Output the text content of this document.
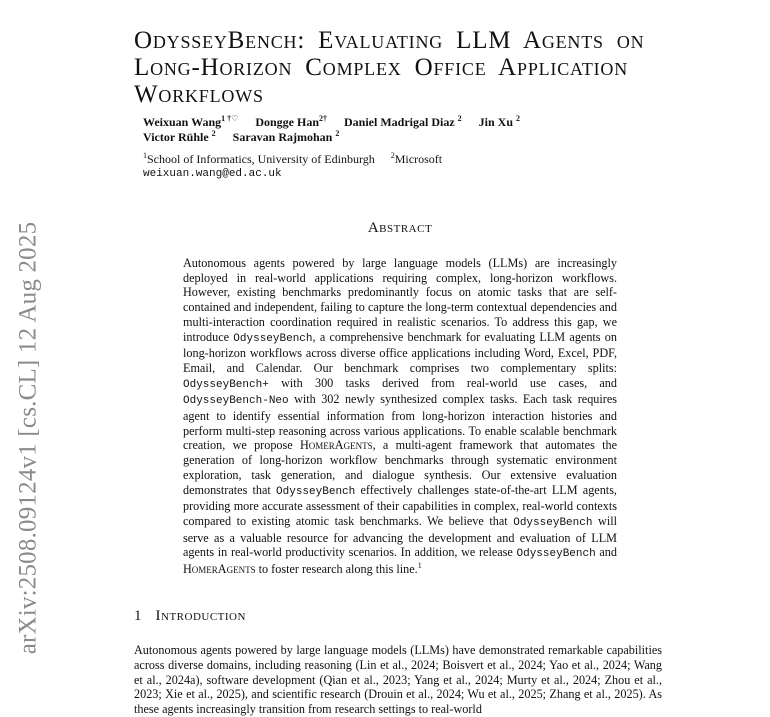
arXiv:2508.09124v1 [cs.CL] 12 Aug 2025
OdysseyBench: Evaluating LLM Agents on Long-Horizon Complex Office Application Workflows
Weixuan Wang$^{1 \dagger♡}$ Dongge Han$^{2\dagger}$ Daniel Madrigal Diaz $^2$ Jin Xu $^2$
Victor Rühle $^2$ Saravan Rajmohan $^2$
$^1$School of Informatics, University of Edinburgh $^2$Microsoft
weixuan.wang@ed.ac.uk
Abstract
Autonomous agents powered by large language models (LLMs) are increasingly deployed in real-world applications requiring complex, long-horizon workflows. However, existing benchmarks predominantly focus on atomic tasks that are self-contained and independent, failing to capture the long-term contextual dependencies and multi-interaction coordination required in realistic scenarios. To address this gap, we introduce OdysseyBench, a comprehensive benchmark for evaluating LLM agents on long-horizon workflows across diverse office applications including Word, Excel, PDF, Email, and Calendar. Our benchmark comprises two complementary splits: OdysseyBench+ with 300 tasks derived from real-world use cases, and OdysseyBench-Neo with 302 newly synthesized complex tasks. Each task requires agent to identify essential information from long-horizon interaction histories and perform multi-step reasoning across various applications. To enable scalable benchmark creation, we propose HomerAgents, a multi-agent framework that automates the generation of long-horizon workflow benchmarks through systematic environment exploration, task generation, and dialogue synthesis. Our extensive evaluation demonstrates that OdysseyBench effectively challenges state-of-the-art LLM agents, providing more accurate assessment of their capabilities in complex, real-world contexts compared to existing atomic task benchmarks. We believe that OdysseyBench will serve as a valuable resource for advancing the development and evaluation of LLM agents in real-world productivity scenarios. In addition, we release OdysseyBench and HomerAgents to foster research along this line.$^1$
1 Introduction
Autonomous agents powered by large language models (LLMs) have demonstrated remarkable capabilities across diverse domains, including reasoning (Lin et al., 2024; Boisvert et al., 2024; Yao et al., 2024; Wang et al., 2024a), software development (Qian et al., 2023; Yang et al., 2024; Murty et al., 2024; Zhou et al., 2023; Xie et al., 2025), and scientific research (Drouin et al., 2024; Wu et al., 2025; Zhang et al., 2025). As these agents increasingly transition from research settings to real-world
